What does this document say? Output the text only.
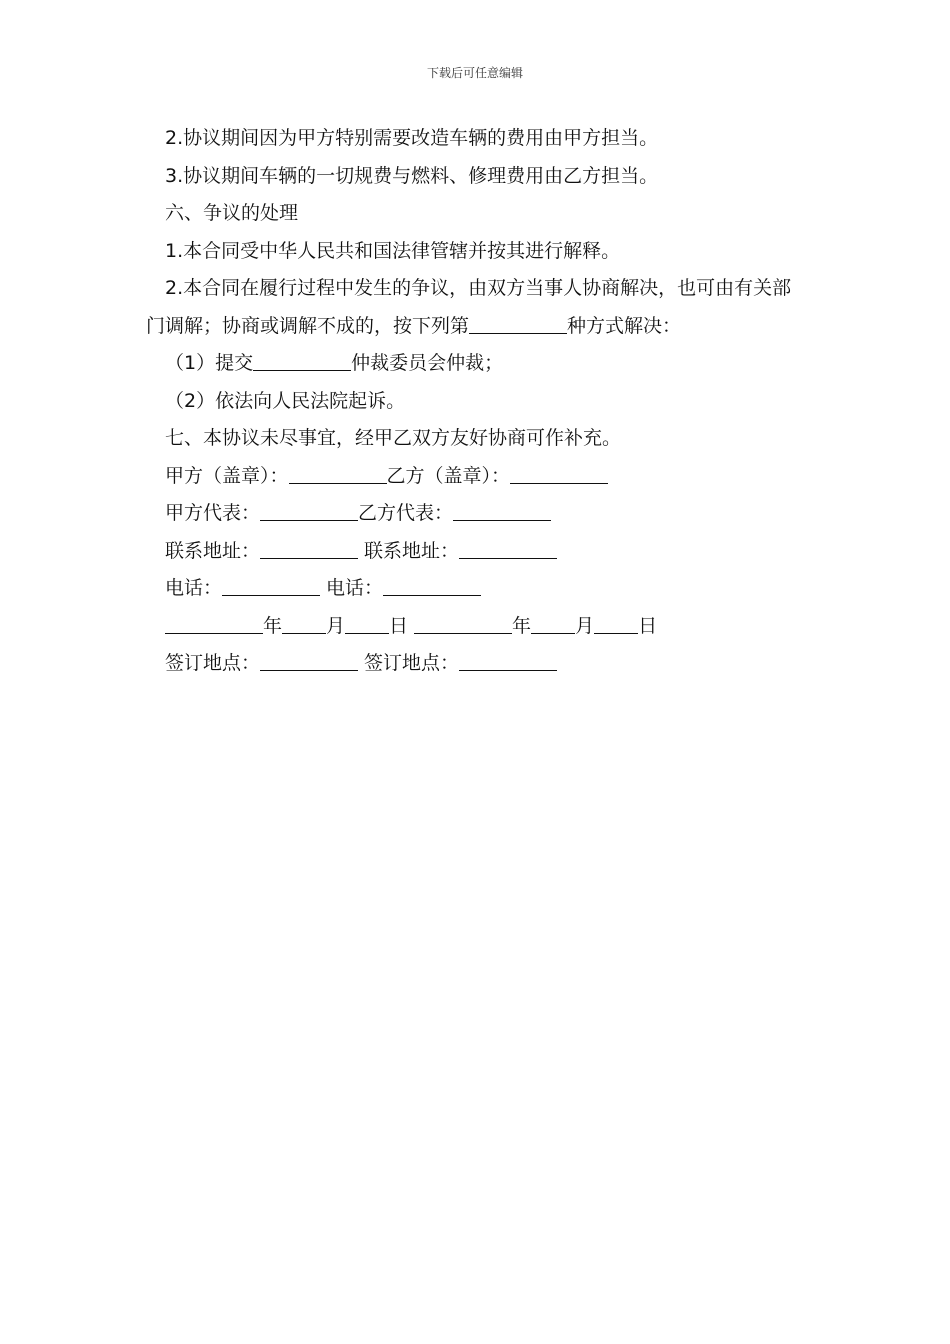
下载后可任意编辑

2.协议期间因为甲方特别需要改造车辆的费用由甲方担当。

3.协议期间车辆的一切规费与燃料、修理费用由乙方担当。

六、争议的处理

1.本合同受中华人民共和国法律管辖并按其进行解释。

2.本合同在履行过程中发生的争议，由双方当事人协商解决，也可由有关部门调解；协商或调解不成的，按下列第	种方式解决：

（1）提交	仲裁委员会仲裁；

（2）依法向人民法院起诉。

七、本协议未尽事宜，经甲乙双方友好协商可作补充。

甲方（盖章）：	乙方（盖章）：

甲方代表：	乙方代表：

联系地址：	联系地址：

电话：	电话：

年 月 日	年 月 日

签订地点：	签订地点：
